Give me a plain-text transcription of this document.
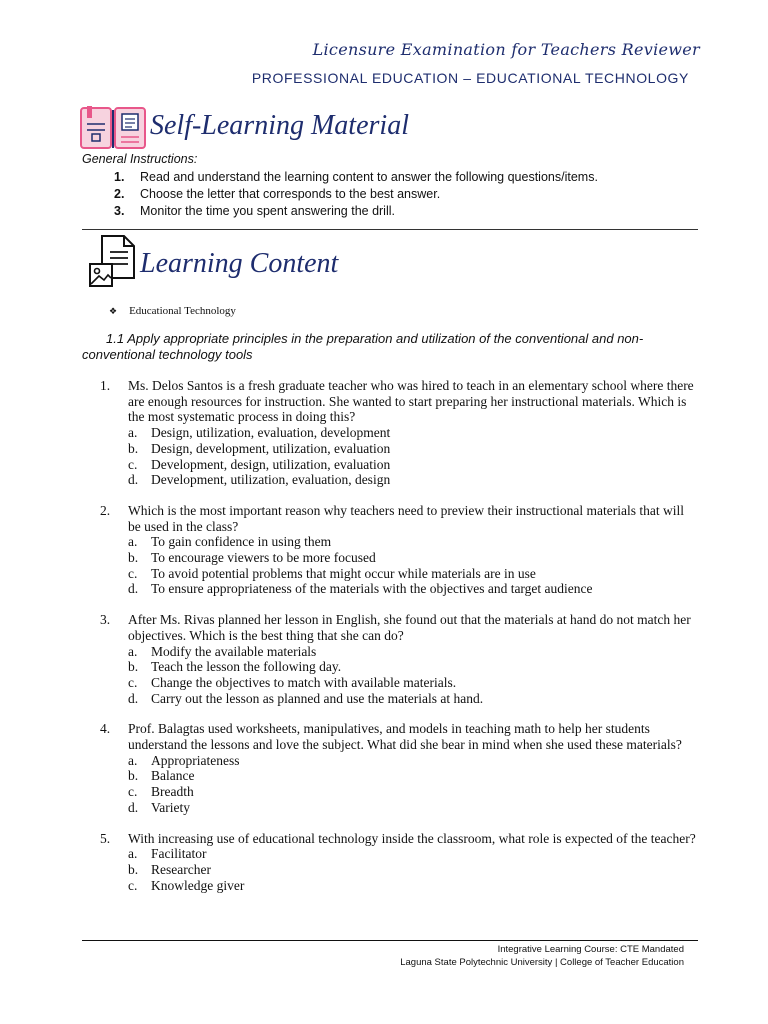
Licensure Examination for Teachers Reviewer
PROFESSIONAL EDUCATION – EDUCATIONAL TECHNOLOGY
Self-Learning Material
General Instructions:
1.	Read and understand the learning content to answer the following questions/items.
2.	Choose the letter that corresponds to the best answer.
3.	Monitor the time you spent answering the drill.
Learning Content
❖ Educational Technology
1.1 Apply appropriate principles in the preparation and utilization of the conventional and non-conventional technology tools
1.	Ms. Delos Santos is a fresh graduate teacher who was hired to teach in an elementary school where there are enough resources for instruction. She wanted to start preparing her instructional materials. Which is the most systematic process in doing this?
a.	Design, utilization, evaluation, development
b. Design, development, utilization, evaluation
c.	Development, design, utilization, evaluation
d. Development, utilization, evaluation, design
2.	Which is the most important reason why teachers need to preview their instructional materials that will be used in the class?
a.	To gain confidence in using them
b. To encourage viewers to be more focused
c.	To avoid potential problems that might occur while materials are in use
d. To ensure appropriateness of the materials with the objectives and target audience
3.	After Ms. Rivas planned her lesson in English, she found out that the materials at hand do not match her objectives. Which is the best thing that she can do?
a.	Modify the available materials
b. Teach the lesson the following day.
c.	Change the objectives to match with available materials.
d. Carry out the lesson as planned and use the materials at hand.
4.	Prof. Balagtas used worksheets, manipulatives, and models in teaching math to help her students understand the lessons and love the subject. What did she bear in mind when she used these materials?
a.	Appropriateness
b. Balance
c.	Breadth
d. Variety
5.	With increasing use of educational technology inside the classroom, what role is expected of the teacher?
a.	Facilitator
b. Researcher
c.	Knowledge giver
Integrative Learning Course: CTE Mandated
Laguna State Polytechnic University | College of Teacher Education
